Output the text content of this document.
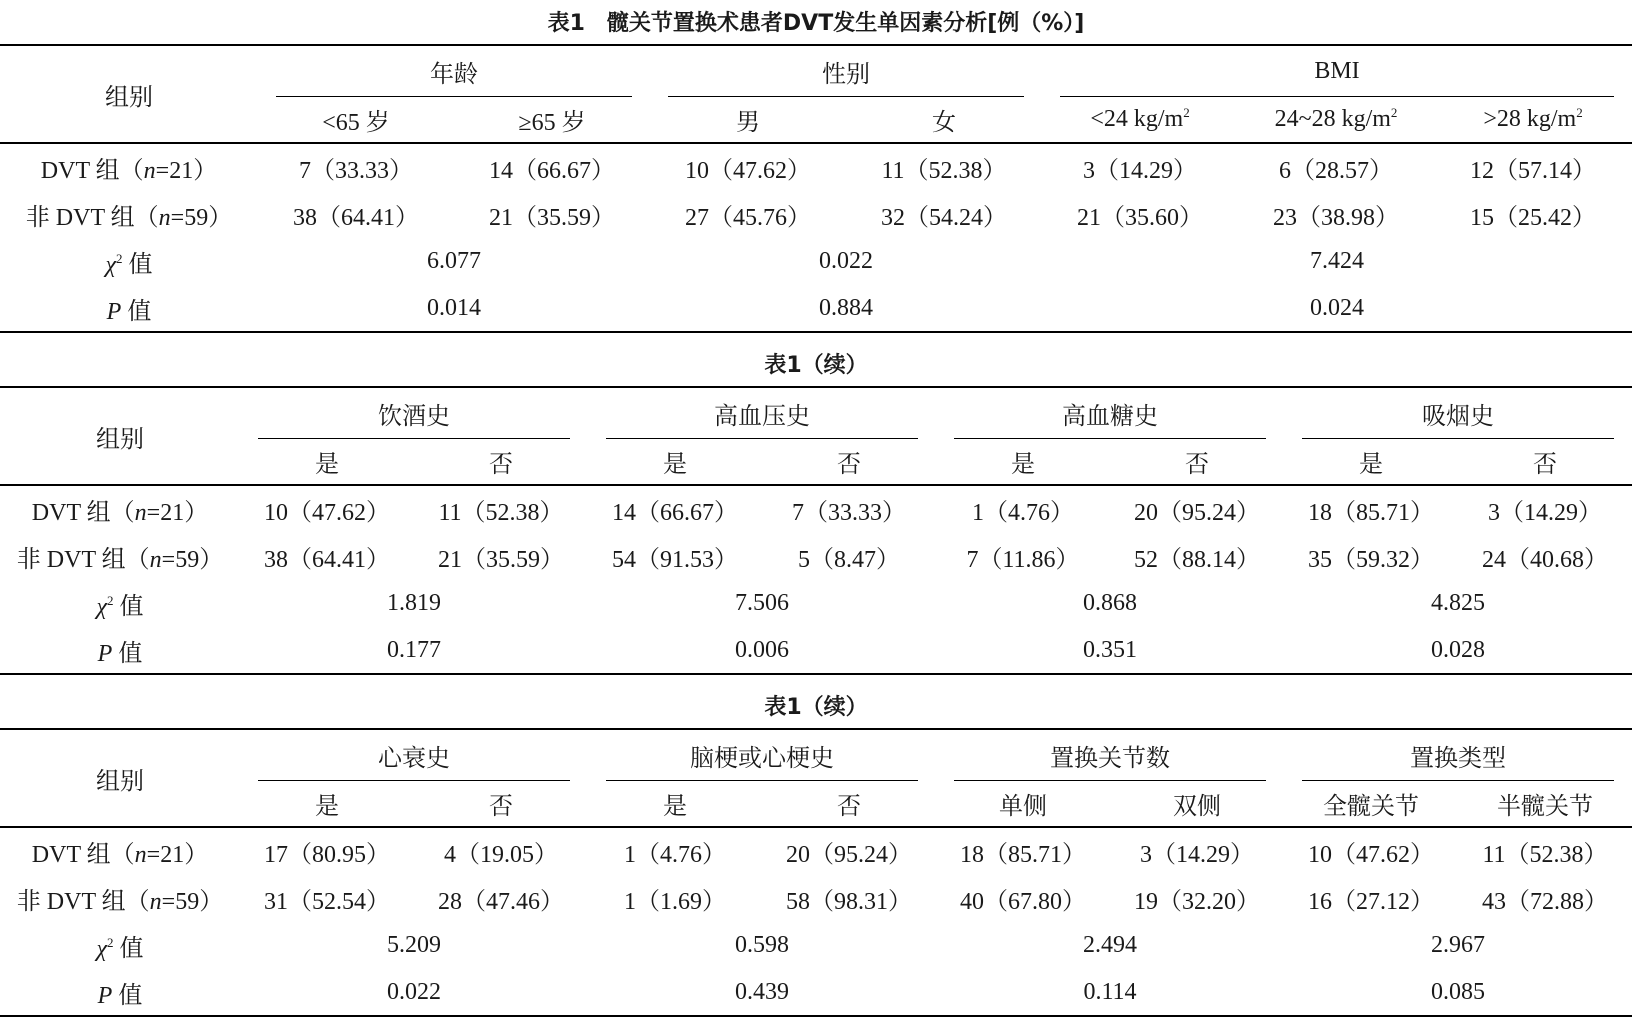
表1　髋关节置换术患者DVT发生单因素分析[例（%）]
组别	年龄		性别		BMI		
	<65 岁	≥65 岁	男	女	<24 $kg/m^2$	24~28 $kg/m^2$	>28 $kg/m^2$
DVT 组（n=21）	7（33.33）	14（66.67）	10（47.62）	11（52.38）	3（14.29）	6（28.57）	12（57.14）
非 DVT 组（n=59）	38（64.41）	21（35.59）	27（45.76）	32（54.24）	21（35.60）	23（38.98）	15（25.42）
$\chi^2$ 值	6.077		0.022		7.424		
P 值	0.014		0.884		0.024		
表1（续）
组别	饮酒史		高血压史		高血糖史		吸烟史	
	是	否	是	否	是	否	是	否
DVT 组（n=21）	10（47.62）	11（52.38）	14（66.67）	7（33.33）	1（4.76）	20（95.24）	18（85.71）	3（14.29）
非 DVT 组（n=59）	38（64.41）	21（35.59）	54（91.53）	5（8.47）	7（11.86）	52（88.14）	35（59.32）	24（40.68）
$\chi^2$ 值	1.819		7.506		0.868		4.825	
P 值	0.177		0.006		0.351		0.028	
表1（续）
组别	心衰史		脑梗或心梗史		置换关节数		置换类型	
	是	否	是	否	单侧	双侧	全髋关节	半髋关节
DVT 组（n=21）	17（80.95）	4（19.05）	1（4.76）	20（95.24）	18（85.71）	3（14.29）	10（47.62）	11（52.38）
非 DVT 组（n=59）	31（52.54）	28（47.46）	1（1.69）	58（98.31）	40（67.80）	19（32.20）	16（27.12）	43（72.88）
$\chi^2$ 值	5.209		0.598		2.494		2.967	
P 值	0.022		0.439		0.114		0.085	
